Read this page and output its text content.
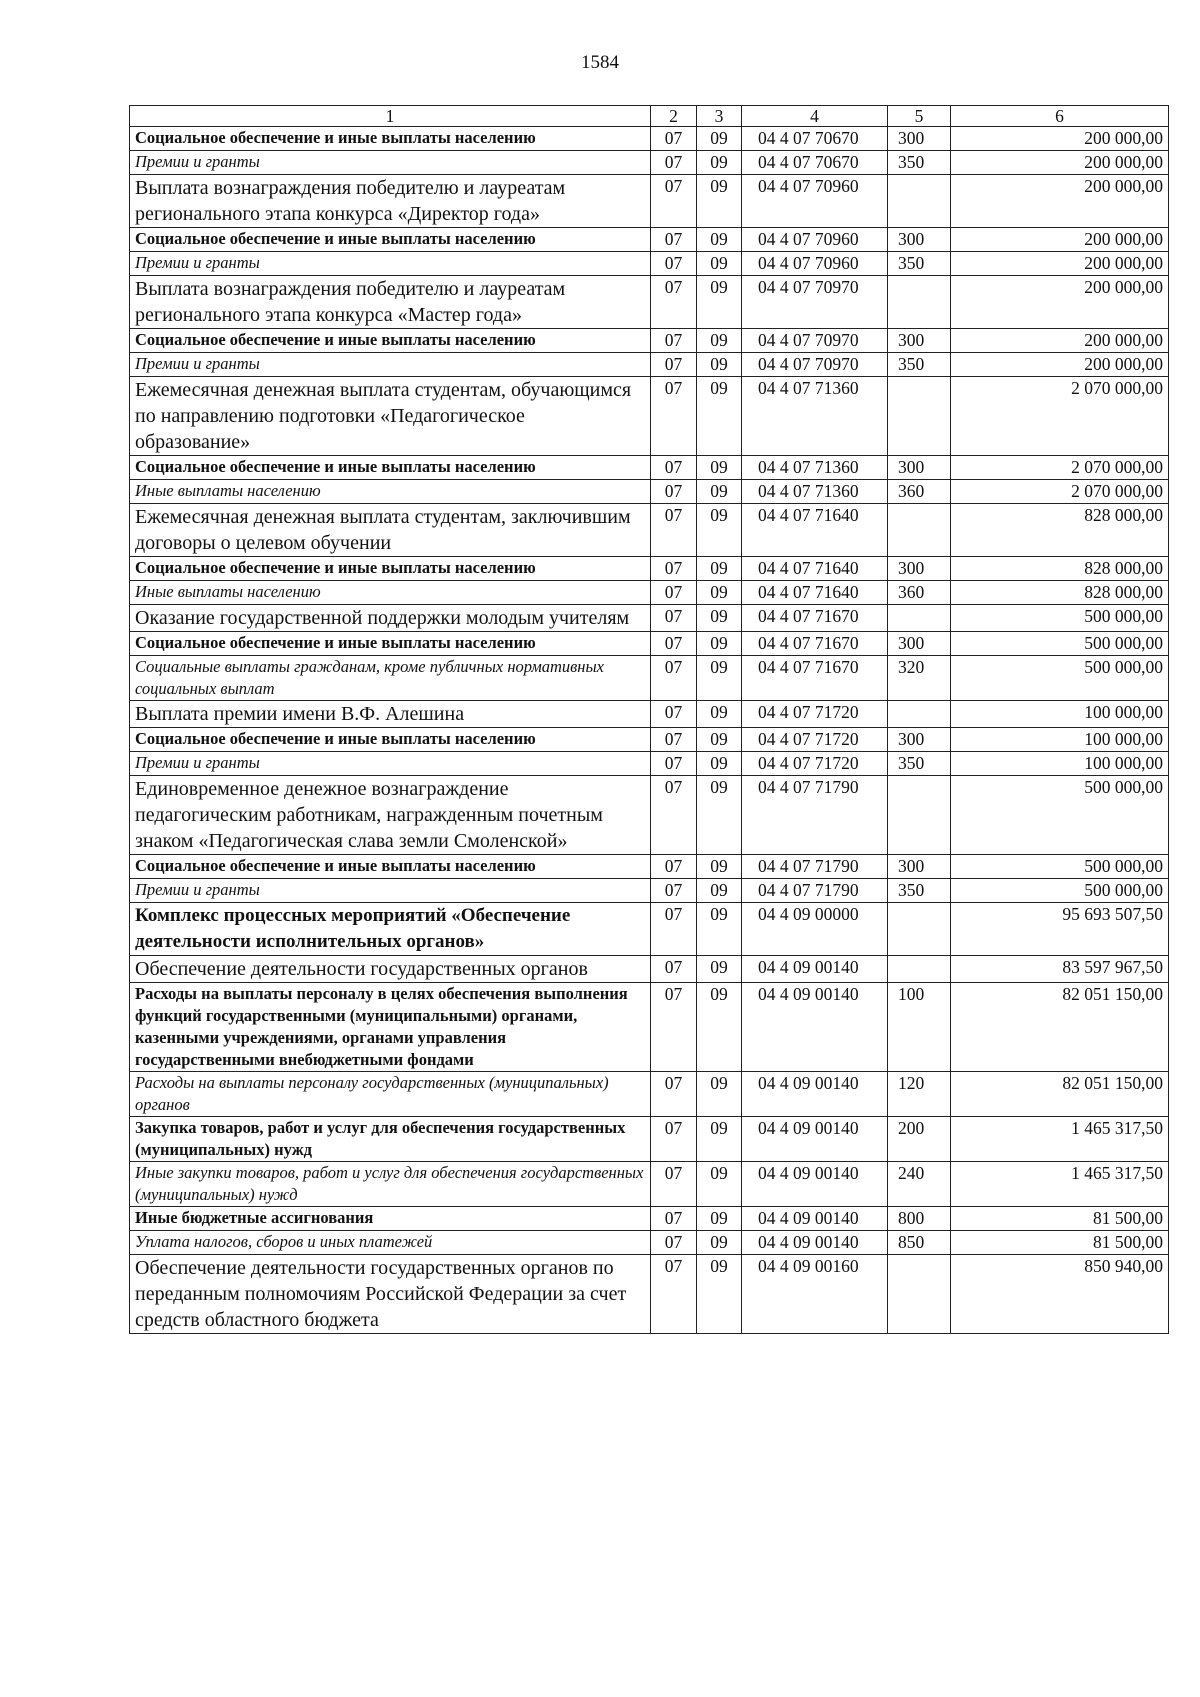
1584
1	2	3	4	5	6
Социальное обеспечение и иные выплаты населению	07	09	04 4 07 70670	300	200 000,00
Премии и гранты	07	09	04 4 07 70670	350	200 000,00
Выплата вознаграждения победителю и лауреатам регионального этапа конкурса «Директор года»	07	09	04 4 07 70960		200 000,00
Социальное обеспечение и иные выплаты населению	07	09	04 4 07 70960	300	200 000,00
Премии и гранты	07	09	04 4 07 70960	350	200 000,00
Выплата вознаграждения победителю и лауреатам регионального этапа конкурса «Мастер года»	07	09	04 4 07 70970		200 000,00
Социальное обеспечение и иные выплаты населению	07	09	04 4 07 70970	300	200 000,00
Премии и гранты	07	09	04 4 07 70970	350	200 000,00
Ежемесячная денежная выплата студентам, обучающимся по направлению подготовки «Педагогическое образование»	07	09	04 4 07 71360		2 070 000,00
Социальное обеспечение и иные выплаты населению	07	09	04 4 07 71360	300	2 070 000,00
Иные выплаты населению	07	09	04 4 07 71360	360	2 070 000,00
Ежемесячная денежная выплата студентам, заключившим договоры о целевом обучении	07	09	04 4 07 71640		828 000,00
Социальное обеспечение и иные выплаты населению	07	09	04 4 07 71640	300	828 000,00
Иные выплаты населению	07	09	04 4 07 71640	360	828 000,00
Оказание государственной поддержки молодым учителям	07	09	04 4 07 71670		500 000,00
Социальное обеспечение и иные выплаты населению	07	09	04 4 07 71670	300	500 000,00
Социальные выплаты гражданам, кроме публичных нормативных социальных выплат	07	09	04 4 07 71670	320	500 000,00
Выплата премии имени В.Ф. Алешина	07	09	04 4 07 71720		100 000,00
Социальное обеспечение и иные выплаты населению	07	09	04 4 07 71720	300	100 000,00
Премии и гранты	07	09	04 4 07 71720	350	100 000,00
Единовременное денежное вознаграждение педагогическим работникам, награжденным почетным знаком «Педагогическая слава земли Смоленской»	07	09	04 4 07 71790		500 000,00
Социальное обеспечение и иные выплаты населению	07	09	04 4 07 71790	300	500 000,00
Премии и гранты	07	09	04 4 07 71790	350	500 000,00
Комплекс процессных мероприятий «Обеспечение деятельности исполнительных органов»	07	09	04 4 09 00000		95 693 507,50
Обеспечение деятельности государственных органов	07	09	04 4 09 00140		83 597 967,50
Расходы на выплаты персоналу в целях обеспечения выполнения функций государственными (муниципальными) органами, казенными учреждениями, органами управления государственными внебюджетными фондами	07	09	04 4 09 00140	100	82 051 150,00
Расходы на выплаты персоналу государственных (муниципальных) органов	07	09	04 4 09 00140	120	82 051 150,00
Закупка товаров, работ и услуг для обеспечения государственных (муниципальных) нужд	07	09	04 4 09 00140	200	1 465 317,50
Иные закупки товаров, работ и услуг для обеспечения государственных (муниципальных) нужд	07	09	04 4 09 00140	240	1 465 317,50
Иные бюджетные ассигнования	07	09	04 4 09 00140	800	81 500,00
Уплата налогов, сборов и иных платежей	07	09	04 4 09 00140	850	81 500,00
Обеспечение деятельности государственных органов по переданным полномочиям Российской Федерации за счет средств областного бюджета	07	09	04 4 09 00160		850 940,00
